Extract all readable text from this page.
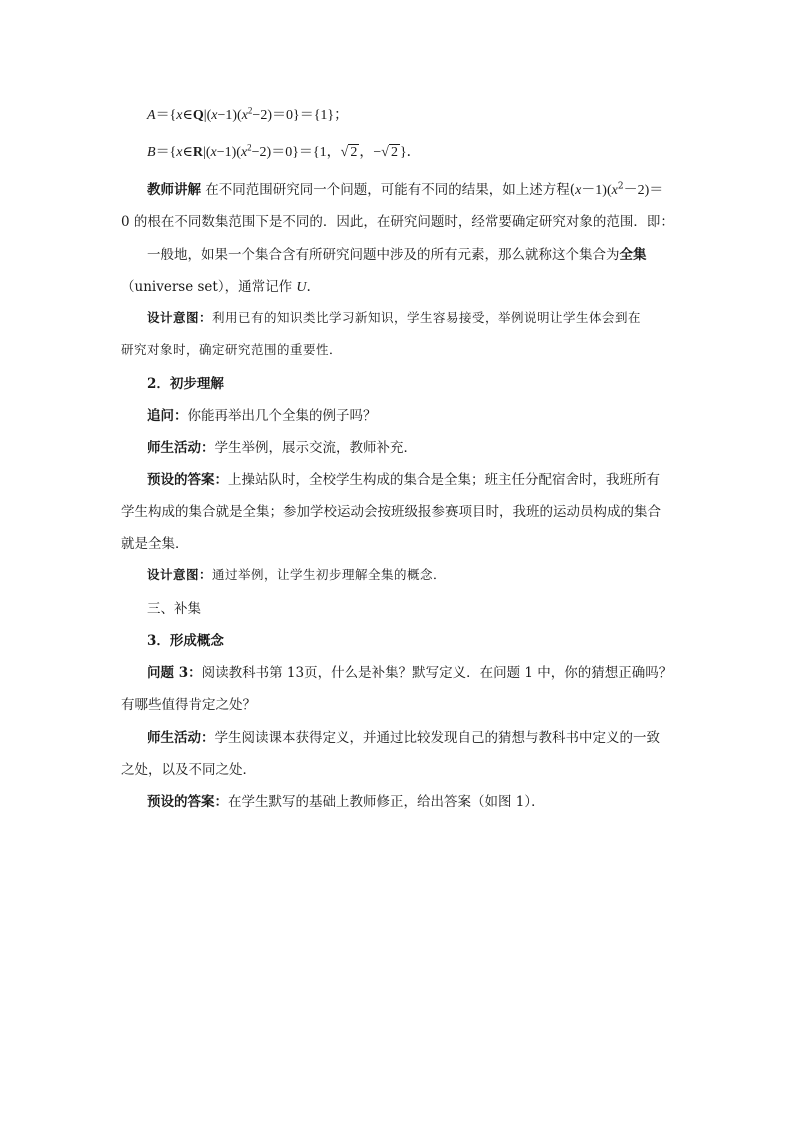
$A=\{x\in Q|(x-1)(x^2-2)=0\}=\{1\}$；
$B=\{x\in R|(x-1)(x^2-2)=0\}=\{1$，√ 2 ，−√ 2 }．
教师讲解 在不同范围研究同一个问题，可能有不同的结果，如上述方程$(x-1)(x^2-2)=$
0 的根在不同数集范围下是不同的．因此，在研究问题时，经常要确定研究对象的范围．即：
一般地，如果一个集合含有所研究问题中涉及的所有元素，那么就称这个集合为全集
（universe set），通常记作 U.
设计意图：利用已有的知识类比学习新知识，学生容易接受，举例说明让学生体会到在
研究对象时，确定研究范围的重要性．
2．初步理解
追问：你能再举出几个全集的例子吗？
师生活动：学生举例，展示交流，教师补充．
预设的答案：上操站队时，全校学生构成的集合是全集；班主任分配宿舍时，我班所有
学生构成的集合就是全集；参加学校运动会按班级报参赛项目时，我班的运动员构成的集合
就是全集．
设计意图：通过举例，让学生初步理解全集的概念．
三、补集
3．形成概念
问题 3：阅读教科书第 13页，什么是补集？默写定义．在问题 1 中，你的猜想正确吗？
有哪些值得肯定之处？
师生活动：学生阅读课本获得定义，并通过比较发现自己的猜想与教科书中定义的一致
之处，以及不同之处．
预设的答案：在学生默写的基础上教师修正，给出答案（如图 1）．
